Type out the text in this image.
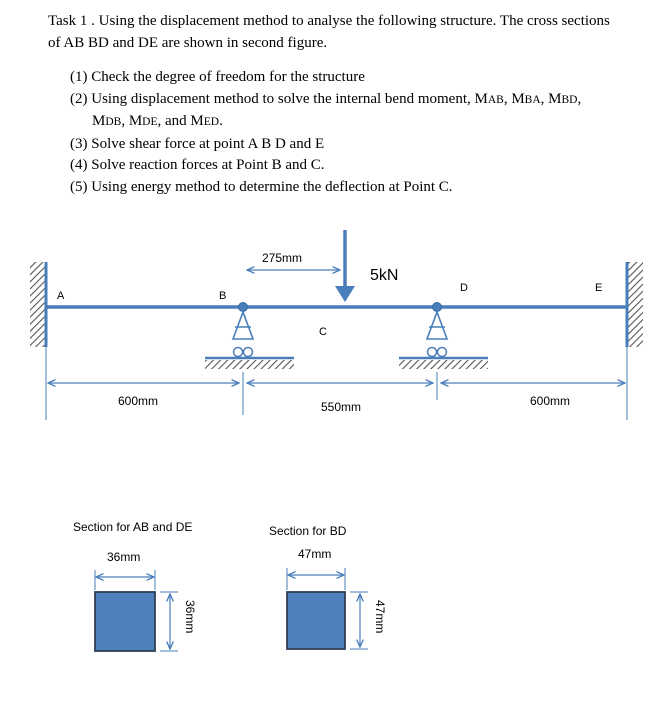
Task 1 . Using the displacement method to analyse the following structure. The cross sections
of AB BD and DE are shown in second figure.
(1) Check the degree of freedom for the structure
(2) Using displacement method to solve the internal bend moment, MAB, MBA, MBD,
MDB, MDE, and MED.
(3) Solve shear force at point A B D and E
(4) Solve reaction forces at Point B and C.
(5) Using energy method to determine the deflection at Point C.
5kN
A	B
C
D	E
275mm
600mm	550mm	600mm
Section for AB and DE
36mm
36mm
Section for BD
47mm
47mm
